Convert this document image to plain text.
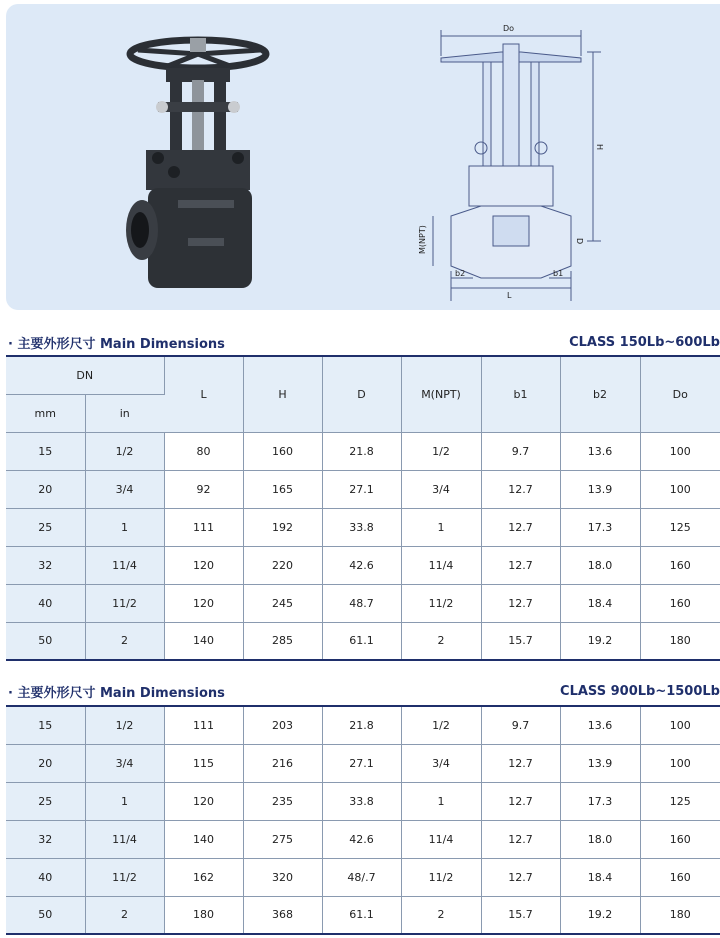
Do
H
D
M(NPT)
b2	b1
L
· 主要外形尺寸 Main Dimensions	CLASS 150Lb~600Lb
DN		L	H	D	M(NPT)	b1	b2	Do
mm	in							
15	1/2	80	160	21.8	1/2	9.7	13.6	100
20	3/4	92	165	27.1	3/4	12.7	13.9	100
25	1	111	192	33.8	1	12.7	17.3	125
32	11/4	120	220	42.6	11/4	12.7	18.0	160
40	11/2	120	245	48.7	11/2	12.7	18.4	160
50	2	140	285	61.1	2	15.7	19.2	180
· 主要外形尺寸 Main Dimensions	CLASS 900Lb~1500Lb
15	1/2	111	203	21.8	1/2	9.7	13.6	100
20	3/4	115	216	27.1	3/4	12.7	13.9	100
25	1	120	235	33.8	1	12.7	17.3	125
32	11/4	140	275	42.6	11/4	12.7	18.0	160
40	11/2	162	320	48/.7	11/2	12.7	18.4	160
50	2	180	368	61.1	2	15.7	19.2	180
